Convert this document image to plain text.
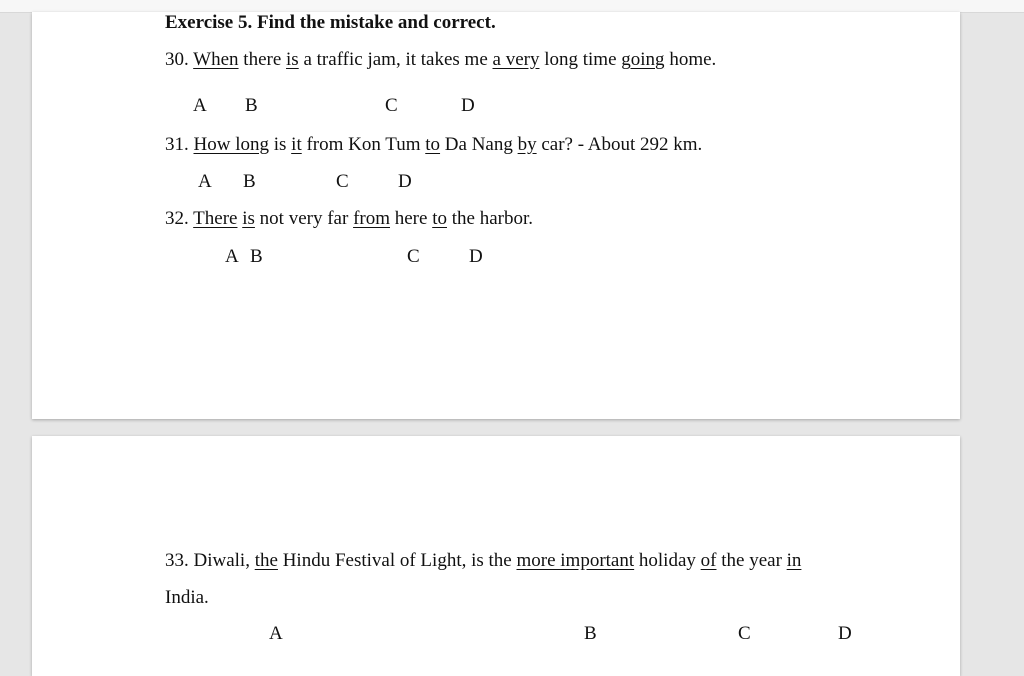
Exercise 5. Find the mistake and correct.
30. When there is a traffic jam, it takes me a very long time going home.
A B	C	D
31. How long is it from Kon Tum to Da Nang by car? - About 292 km.
A B	C	D
32. There is not very far from here to the harbor.
A B	C	D
33. Diwali, the Hindu Festival of Light, is the more important holiday of the year in
India.
A	B	C	D
